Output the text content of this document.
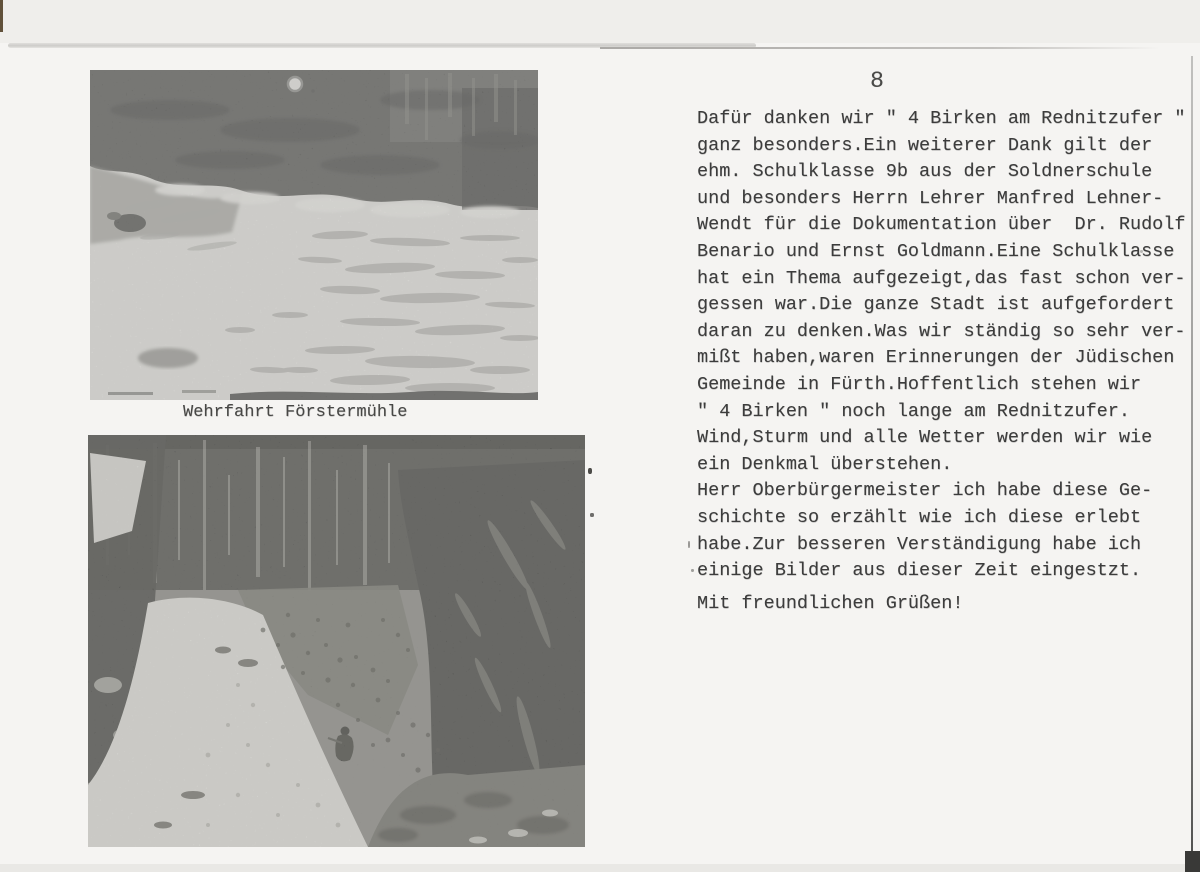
8
Wehrfahrt Förstermühle
Dafür danken wir " 4 Birken am Rednitzufer "
ganz besonders.Ein weiterer Dank gilt der
ehm. Schulklasse 9b aus der Soldnerschule
und besonders Herrn Lehrer Manfred Lehner-
Wendt für die Dokumentation über  Dr. Rudolf
Benario und Ernst Goldmann.Eine Schulklasse
hat ein Thema aufgezeigt,das fast schon ver-
gessen war.Die ganze Stadt ist aufgefordert
daran zu denken.Was wir ständig so sehr ver-
mißt haben,waren Erinnerungen der Jüdischen
Gemeinde in Fürth.Hoffentlich stehen wir
" 4 Birken " noch lange am Rednitzufer.
Wind,Sturm und alle Wetter werden wir wie
ein Denkmal überstehen.
Herr Oberbürgermeister ich habe diese Ge-
schichte so erzählt wie ich diese erlebt
habe.Zur besseren Verständigung habe ich
einige Bilder aus dieser Zeit eingestzt.
Mit freundlichen Grüßen!
